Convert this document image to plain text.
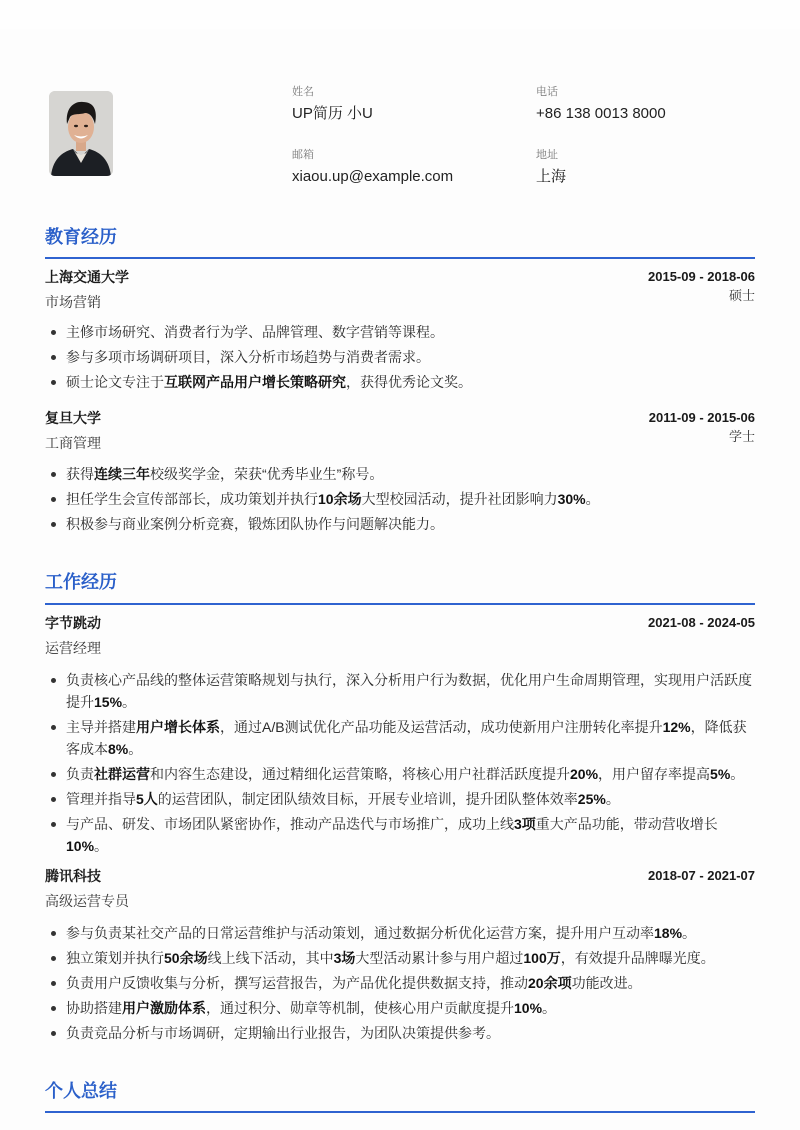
姓名
UP简历 小U
电话
+86 138 0013 8000
邮箱
xiaou.up@example.com
地址
上海
教育经历
上海交通大学	2015-09 - 2018-06
市场营销	硕士
主修市场研究、消费者行为学、品牌管理、数字营销等课程。
参与多项市场调研项目，深入分析市场趋势与消费者需求。
硕士论文专注于互联网产品用户增长策略研究，获得优秀论文奖。
复旦大学	2011-09 - 2015-06
工商管理	学士
获得连续三年校级奖学金，荣获“优秀毕业生”称号。
担任学生会宣传部部长，成功策划并执行10余场大型校园活动，提升社团影响力30%。
积极参与商业案例分析竞赛，锻炼团队协作与问题解决能力。
工作经历
字节跳动	2021-08 - 2024-05
运营经理
负责核心产品线的整体运营策略规划与执行，深入分析用户行为数据，优化用户生命周期管理，实现用户活跃度提升15%。
主导并搭建用户增长体系，通过A/B测试优化产品功能及运营活动，成功使新用户注册转化率提升12%，降低获客成本8%。
负责社群运营和内容生态建设，通过精细化运营策略，将核心用户社群活跃度提升20%，用户留存率提高5%。
管理并指导5人的运营团队，制定团队绩效目标，开展专业培训，提升团队整体效率25%。
与产品、研发、市场团队紧密协作，推动产品迭代与市场推广，成功上线3项重大产品功能，带动营收增长10%。
腾讯科技	2018-07 - 2021-07
高级运营专员
参与负责某社交产品的日常运营维护与活动策划，通过数据分析优化运营方案，提升用户互动率18%。
独立策划并执行50余场线上线下活动，其中3场大型活动累计参与用户超过100万，有效提升品牌曝光度。
负责用户反馈收集与分析，撰写运营报告，为产品优化提供数据支持，推动20余项功能改进。
协助搭建用户激励体系，通过积分、勋章等机制，使核心用户贡献度提升10%。
负责竞品分析与市场调研，定期输出行业报告，为团队决策提供参考。
个人总结
